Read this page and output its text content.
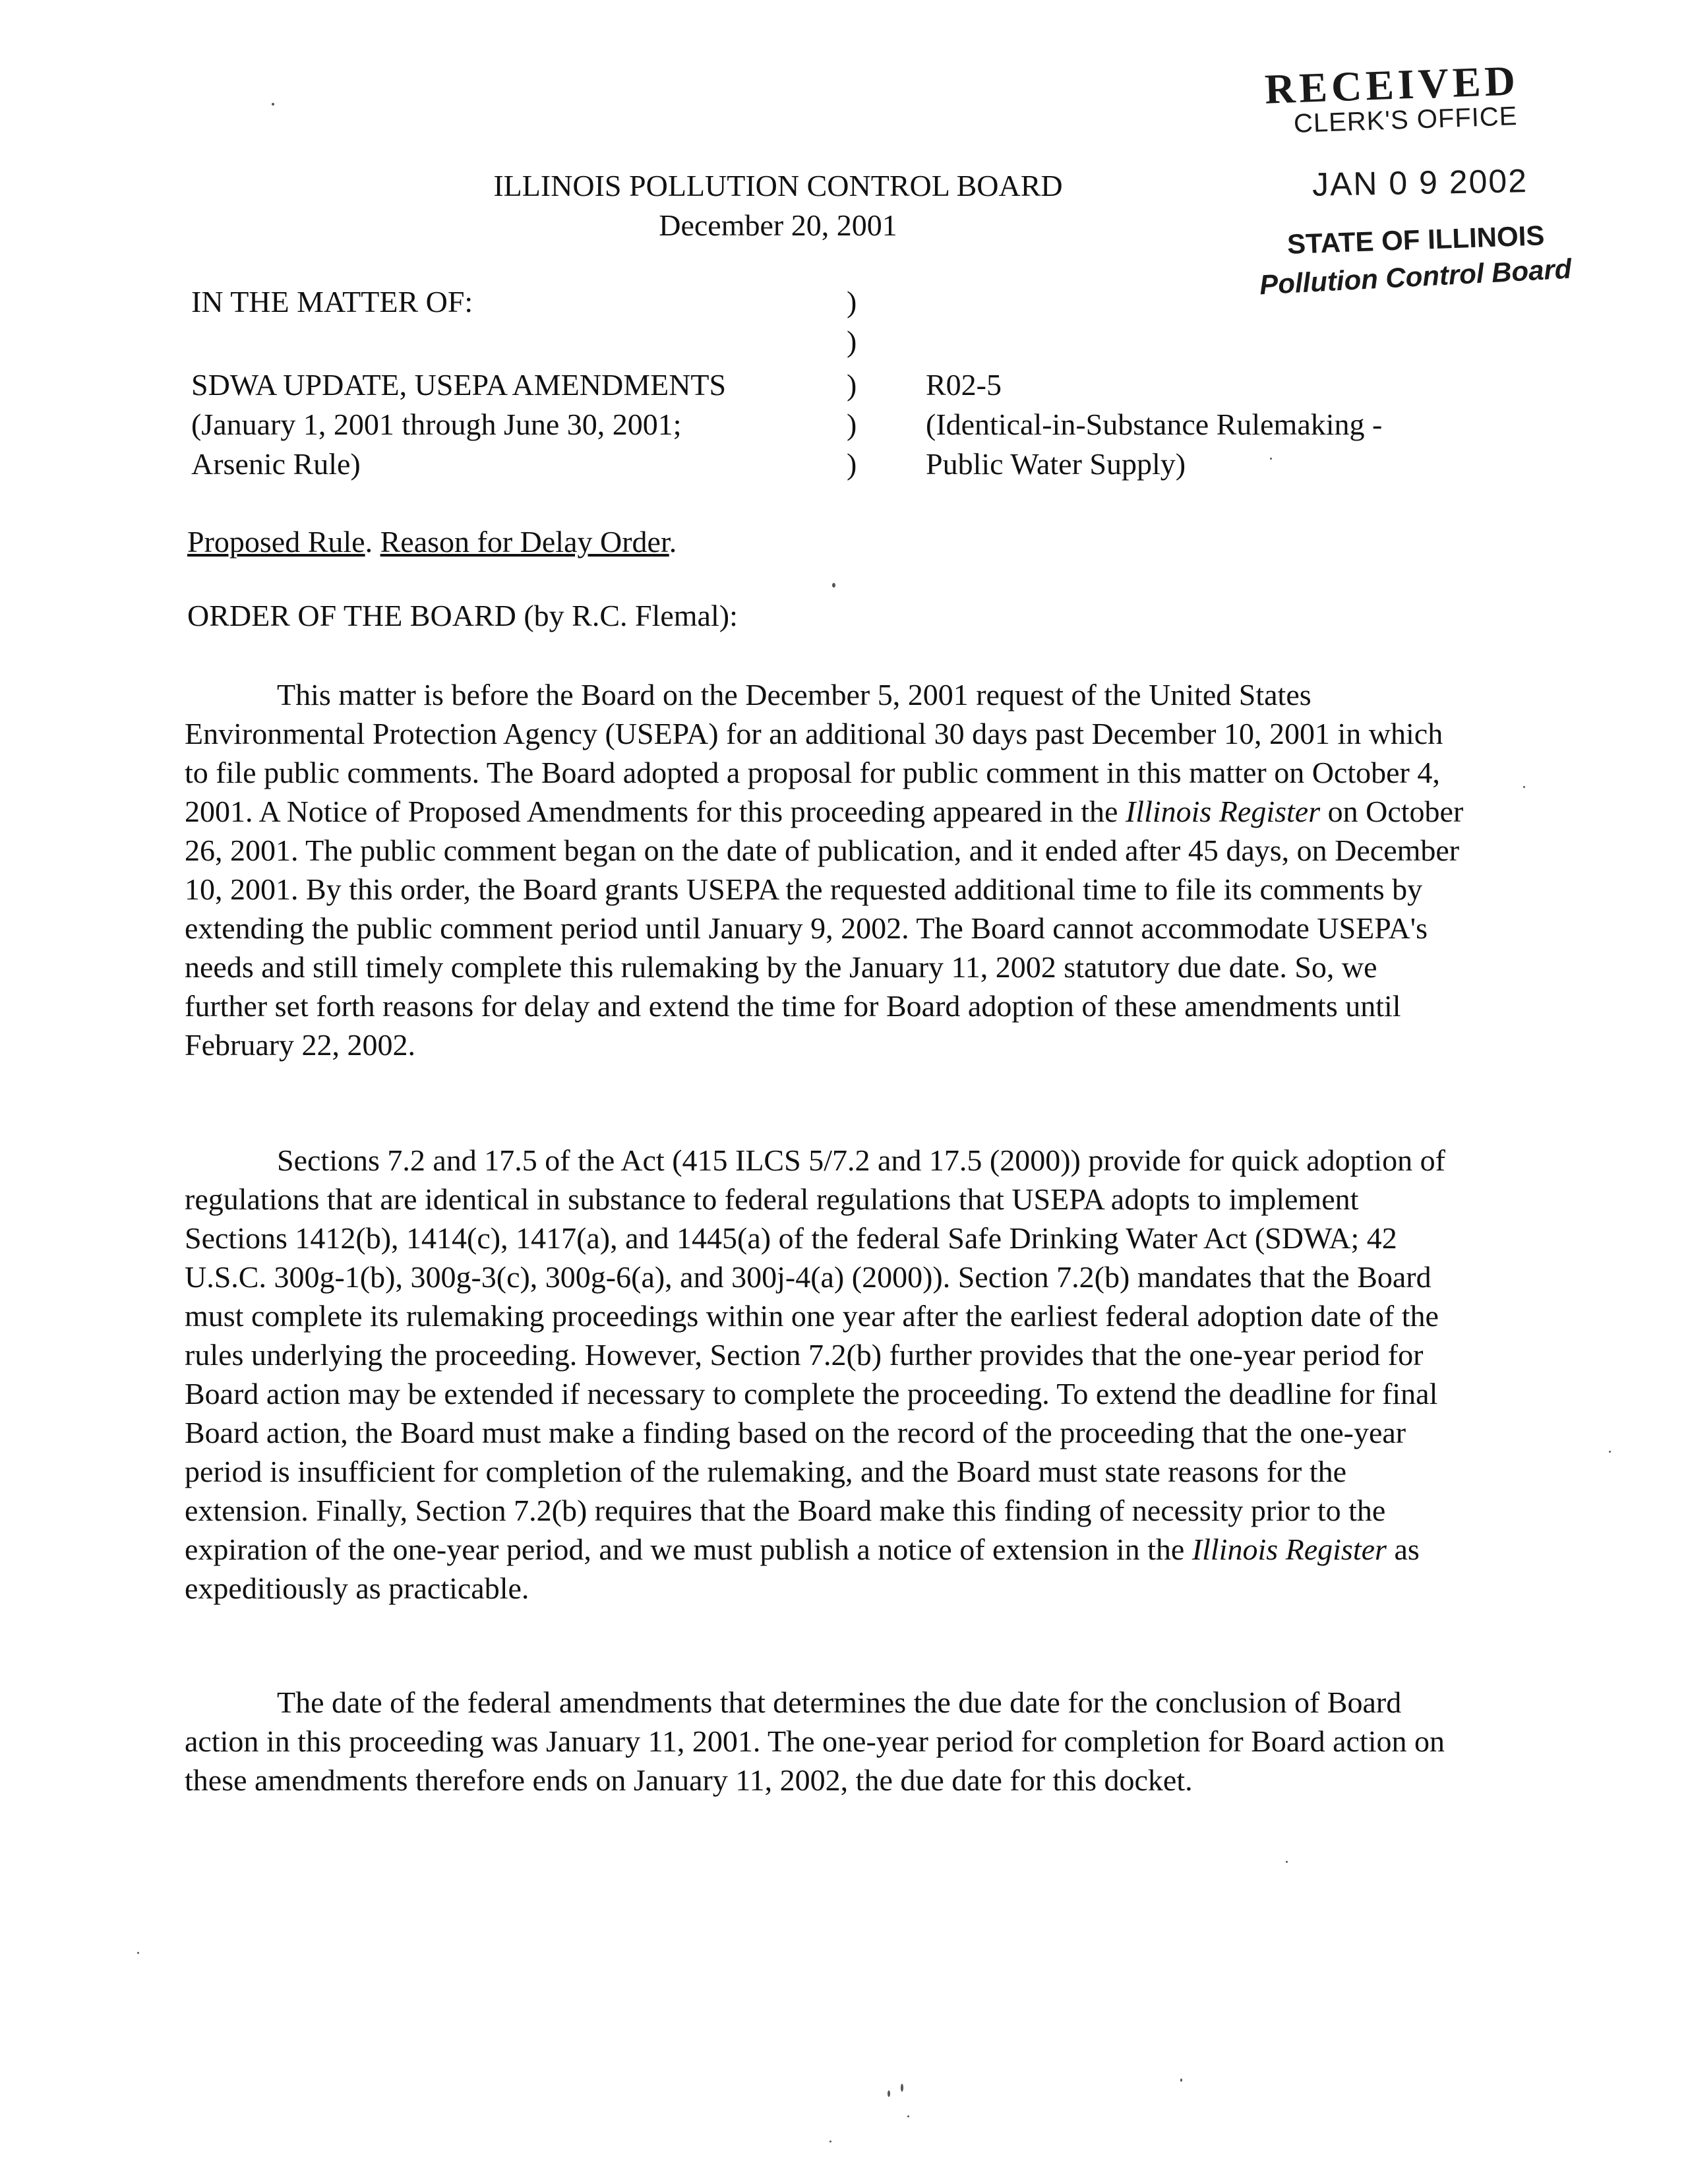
RECEIVED
CLERK'S OFFICE
JAN 0 9 2002
STATE OF ILLINOIS
Pollution Control Board
ILLINOIS POLLUTION CONTROL BOARD
December 20, 2001
IN THE MATTER OF:
SDWA UPDATE, USEPA AMENDMENTS
(January 1, 2001 through June 30, 2001;
Arsenic Rule)
)
)
)
)
)
R02-5
(Identical-in-Substance Rulemaking -
Public Water Supply)
Proposed Rule. Reason for Delay Order.
ORDER OF THE BOARD (by R.C. Flemal):

This matter is before the Board on the December 5, 2001 request of the United States Environmental Protection Agency (USEPA) for an additional 30 days past December 10, 2001 in which to file public comments. The Board adopted a proposal for public comment in this matter on October 4, 2001. A Notice of Proposed Amendments for this proceeding appeared in the Illinois Register on October 26, 2001. The public comment began on the date of publication, and it ended after 45 days, on December 10, 2001. By this order, the Board grants USEPA the requested additional time to file its comments by extending the public comment period until January 9, 2002. The Board cannot accommodate USEPA's needs and still timely complete this rulemaking by the January 11, 2002 statutory due date. So, we further set forth reasons for delay and extend the time for Board adoption of these amendments until February 22, 2002.

Sections 7.2 and 17.5 of the Act (415 ILCS 5/7.2 and 17.5 (2000)) provide for quick adoption of regulations that are identical in substance to federal regulations that USEPA adopts to implement Sections 1412(b), 1414(c), 1417(a), and 1445(a) of the federal Safe Drinking Water Act (SDWA; 42 U.S.C. 300g-1(b), 300g-3(c), 300g-6(a), and 300j-4(a) (2000)). Section 7.2(b) mandates that the Board must complete its rulemaking proceedings within one year after the earliest federal adoption date of the rules underlying the proceeding. However, Section 7.2(b) further provides that the one-year period for Board action may be extended if necessary to complete the proceeding. To extend the deadline for final Board action, the Board must make a finding based on the record of the proceeding that the one-year period is insufficient for completion of the rulemaking, and the Board must state reasons for the extension. Finally, Section 7.2(b) requires that the Board make this finding of necessity prior to the expiration of the one-year period, and we must publish a notice of extension in the Illinois Register as expeditiously as practicable.

The date of the federal amendments that determines the due date for the conclusion of Board action in this proceeding was January 11, 2001. The one-year period for completion for Board action on these amendments therefore ends on January 11, 2002, the due date for this docket.
